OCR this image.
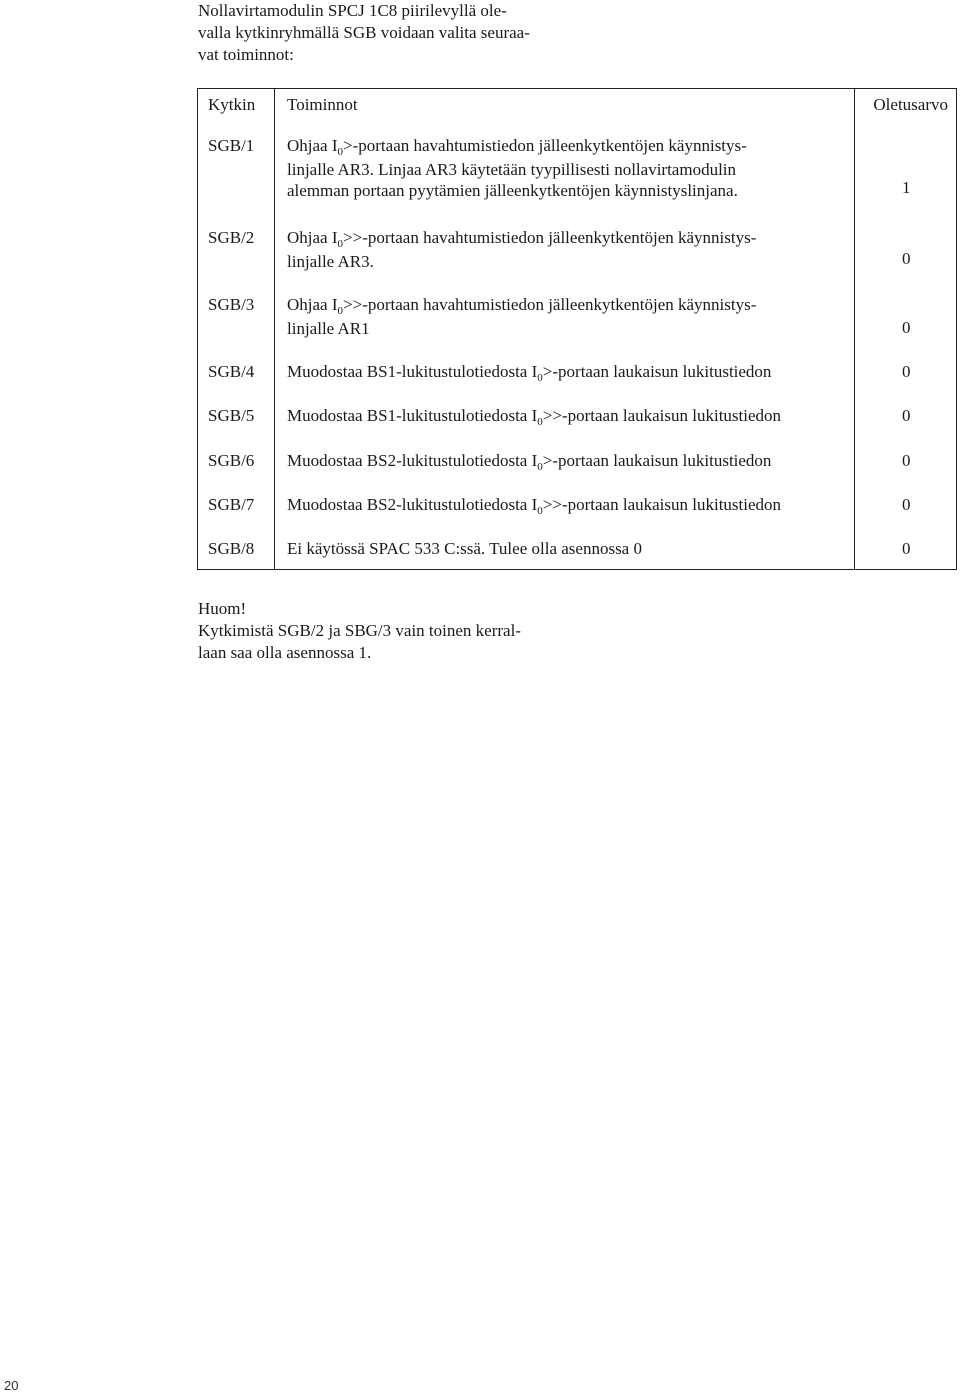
Nollavirtamodulin SPCJ 1C8 piirilevyllä ole-
valla kytkinryhmällä SGB voidaan valita seuraa-
vat toiminnot:
Kytkin Toiminnot	Oletusarvo
SGB/1 Ohjaa $I_0>$-portaan havahtumistiedon jälleenkytkentöjen käynnistys-
linjalle AR3. Linjaa AR3 käytetään tyypillisesti nollavirtamodulin
alemman portaan pyytämien jälleenkytkentöjen käynnistyslinjana.	1
SGB/2 Ohjaa $I_0>>$-portaan havahtumistiedon jälleenkytkentöjen käynnistys-
linjalle AR3.	0
SGB/3 Ohjaa $I_0>>$-portaan havahtumistiedon jälleenkytkentöjen käynnistys-
linjalle AR1	0
SGB/4 Muodostaa BS1-lukitustulotiedosta $I_0>$-portaan laukaisun lukitustiedon	0
SGB/5 Muodostaa BS1-lukitustulotiedosta $I_0>>$-portaan laukaisun lukitustiedon	0
SGB/6 Muodostaa BS2-lukitustulotiedosta $I_0>$-portaan laukaisun lukitustiedon	0
SGB/7 Muodostaa BS2-lukitustulotiedosta $I_0>>$-portaan laukaisun lukitustiedon	0
SGB/8 Ei käytössä SPAC 533 C:ssä. Tulee olla asennossa 0	0
Huom!
Kytkimistä SGB/2 ja SBG/3 vain toinen kerral-
laan saa olla asennossa 1.
20
